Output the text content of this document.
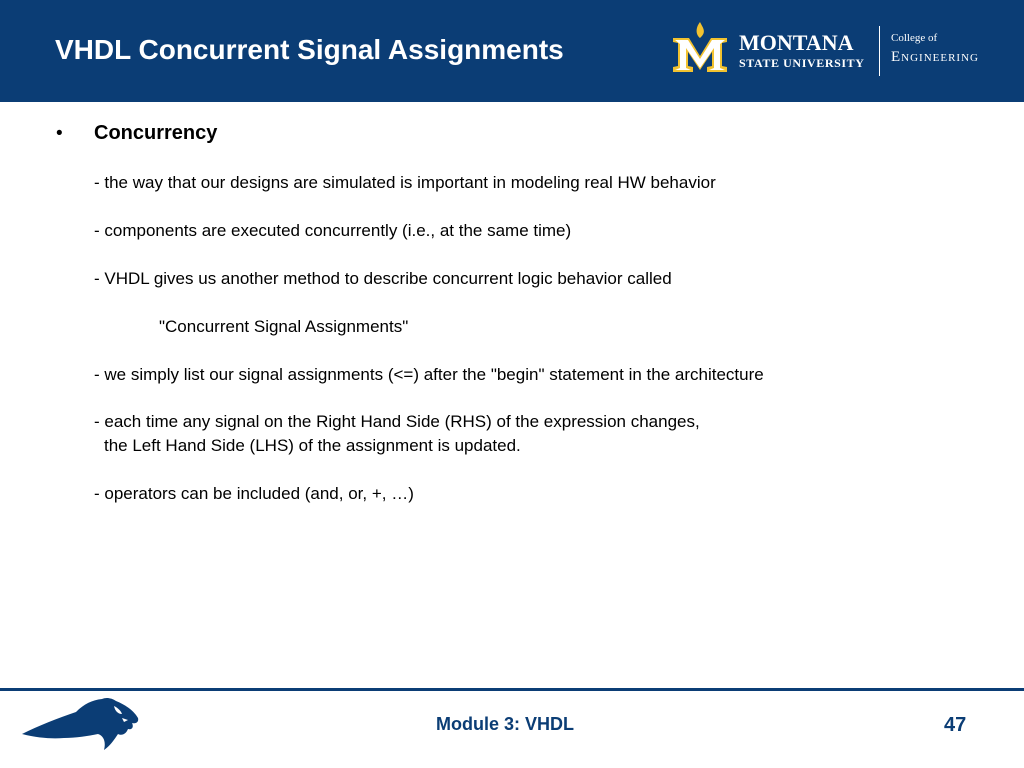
VHDL Concurrent Signal Assignments	MONTANA
STATE UNIVERSITY
College of
Engineering
• Concurrency
- the way that our designs are simulated is important in modeling real HW behavior
- components are executed concurrently (i.e., at the same time)
- VHDL gives us another method to describe concurrent logic behavior called
"Concurrent Signal Assignments"
- we simply list our signal assignments (<=) after the "begin" statement in the architecture
- each time any signal on the Right Hand Side (RHS) of the expression changes,
the Left Hand Side (LHS) of the assignment is updated.
- operators can be included (and, or, +, …)
Module 3: VHDL	47
